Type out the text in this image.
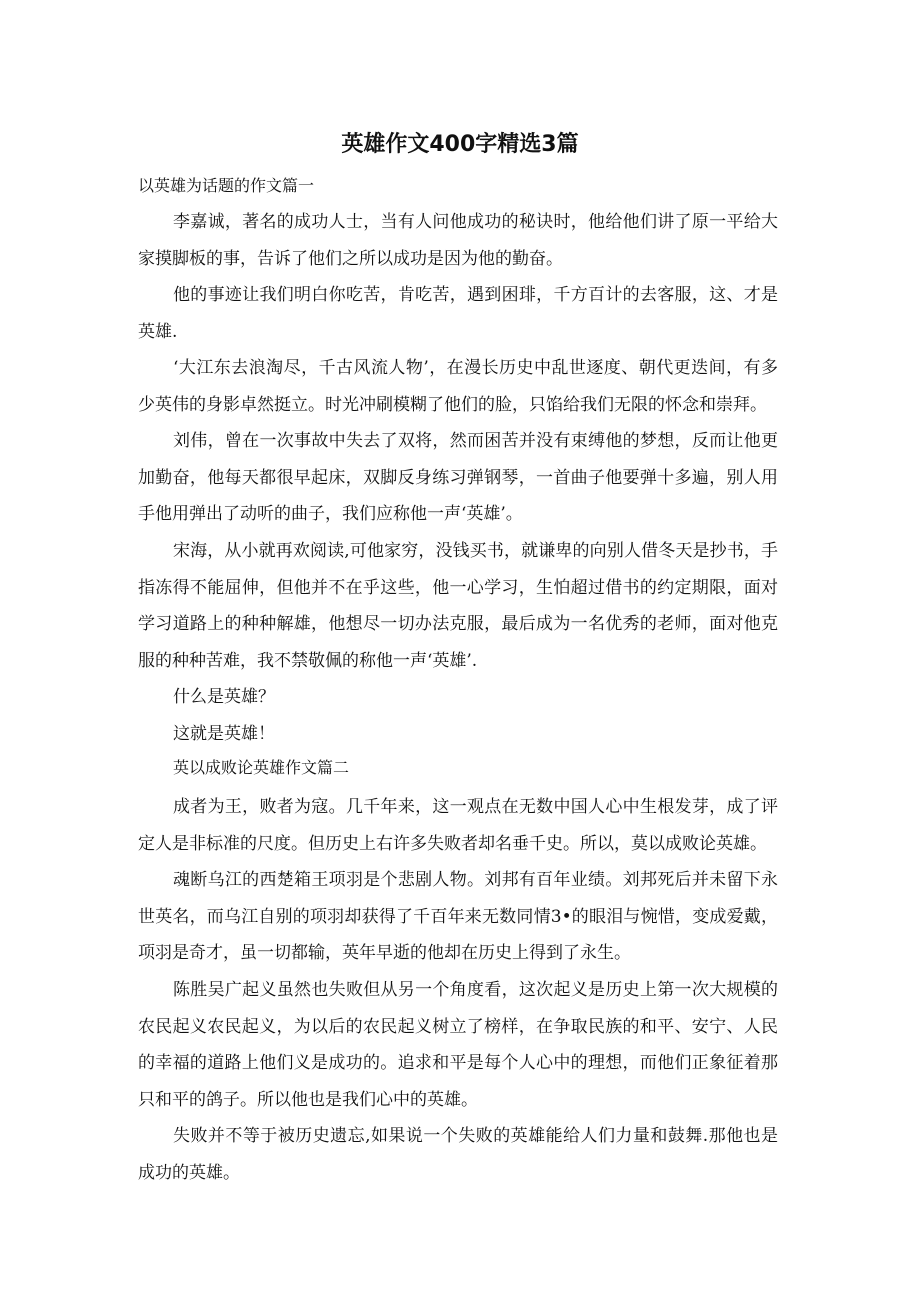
英雄作文400字精选3篇
以英雄为话题的作文篇一
李嘉诚，著名的成功人士，当有人问他成功的秘诀时，他给他们讲了原一平给大家摸脚板的事，告诉了他们之所以成功是因为他的勤奋。
他的事迹让我们明白你吃苦，肯吃苦，遇到困琲，千方百计的去客服，这、才是英雄.
‘大江东去浪淘尽，千古风流人物’，在漫长历史中乱世逐度、朝代更迭间，有多少英伟的身影卓然挺立。时光冲刷模糊了他们的脸，只馅给我们无限的怀念和崇拜。
刘伟，曾在一次事故中失去了双将，然而困苦并没有束缚他的梦想，反而让他更加勤奋，他每天都很早起床，双脚反身练习弹钢琴，一首曲子他要弹十多遍，别人用手他用弹出了动听的曲子，我们应称他一声‘英雄’。
宋海，从小就再欢阅读,可他家穷，没钱买书，就谦卑的向别人借冬天是抄书，手指冻得不能屈伸，但他并不在乎这些，他一心学习，生怕超过借书的约定期限，面对学习道路上的种种解雄，他想尽一切办法克服，最后成为一名优秀的老师，面对他克服的种种苦难，我不禁敬佩的称他一声‘英雄’.
什么是英雄？
这就是英雄！
英以成败论英雄作文篇二
成者为王，败者为寇。几千年来，这一观点在无数中国人心中生根发芽，成了评定人是非标准的尺度。但历史上右许多失败者却名垂千史。所以，莫以成败论英雄。
魂断乌江的西楚箱王项羽是个悲剧人物。刘邦有百年业绩。刘邦死后并未留下永世英名，而乌江自别的项羽却获得了千百年来无数同情3•的眼泪与惋惜，变成爱戴，项羽是奇才，虽一切都输，英年早逝的他却在历史上得到了永生。
陈胜吴广起义虽然也失败但从另一个角度看，这次起义是历史上第一次大规模的农民起义农民起义，为以后的农民起义树立了榜样，在争取民族的和平、安宁、人民的幸福的道路上他们义是成功的。追求和平是每个人心中的理想，而他们正象征着那只和平的鸽子。所以他也是我们心中的英雄。
失败并不等于被历史遗忘,如果说一个失败的英雄能给人们力量和鼓舞.那他也是成功的英雄。
